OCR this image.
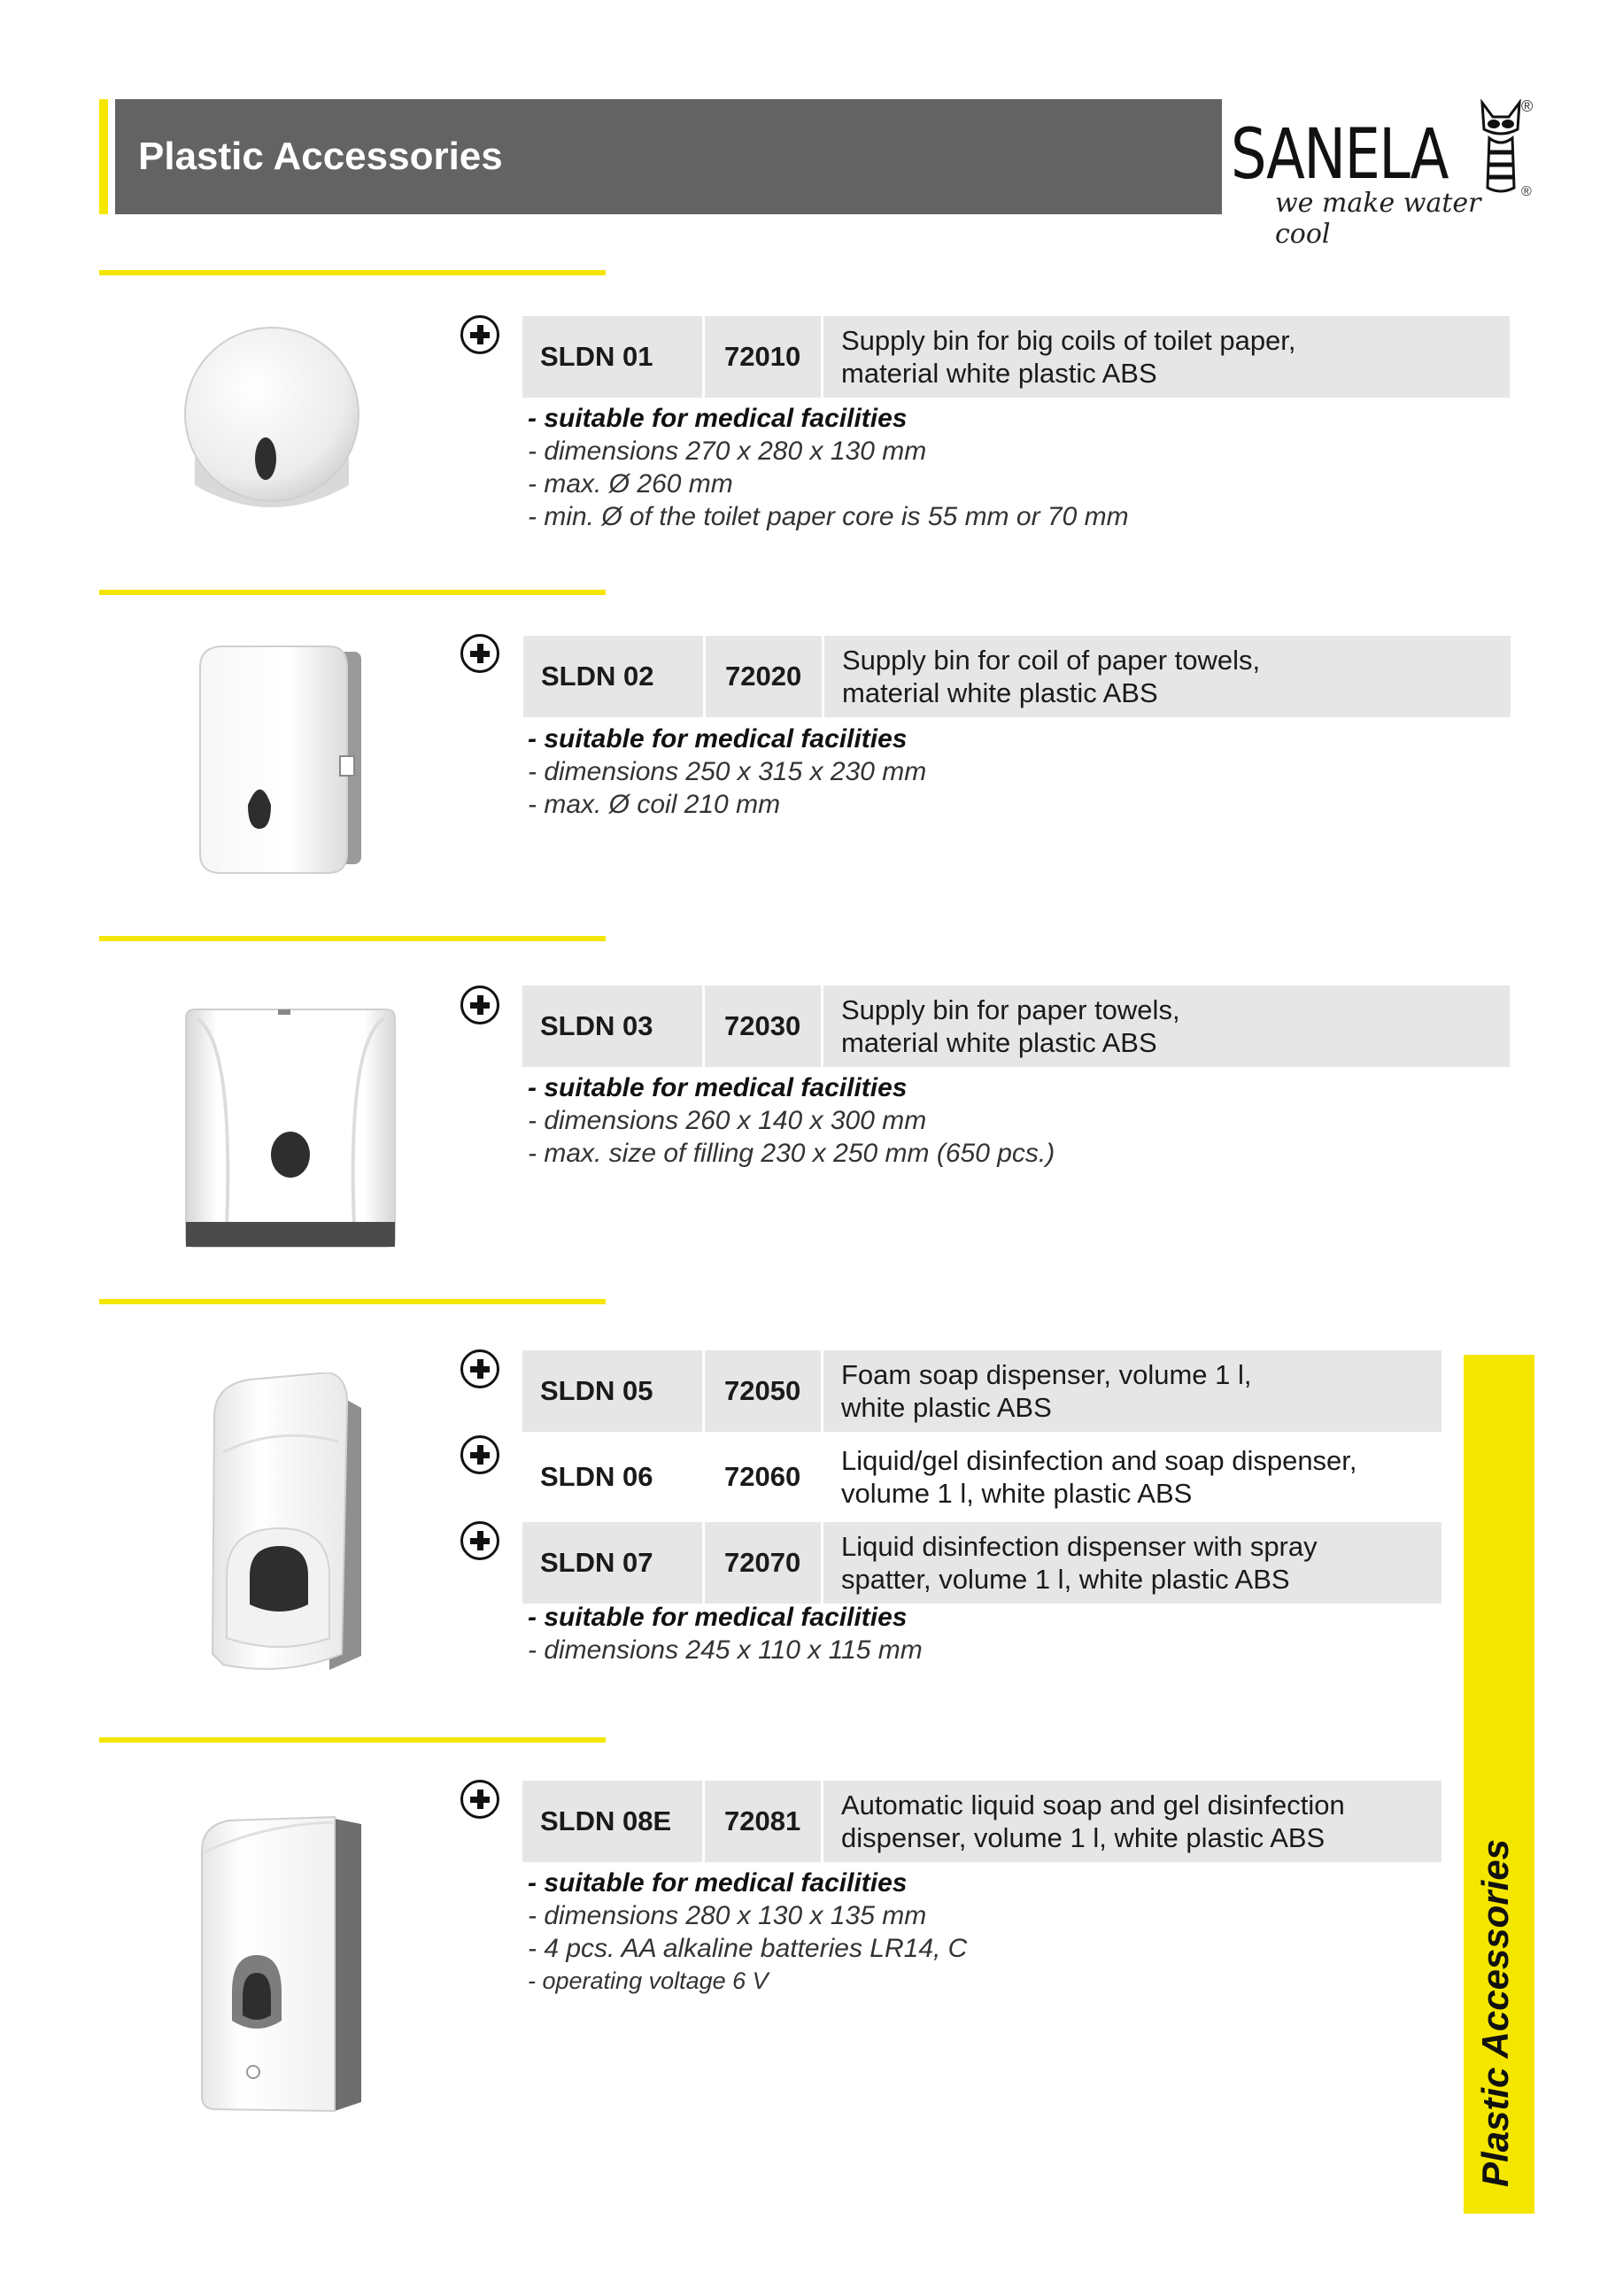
Plastic Accessories	SANELA
®
we make water cool
®
SLDN 01	72010
Supply bin for big coils of toilet paper,
material white plastic ABS
- suitable for medical facilities
- dimensions 270 x 280 x 130 mm
- max. Ø 260 mm
- min. Ø of the toilet paper core is 55 mm or 70 mm
SLDN 02	72020
Supply bin for coil of paper towels,
material white plastic ABS
- suitable for medical facilities
- dimensions 250 x 315 x 230 mm
- max. Ø coil 210 mm
SLDN 03	72030
Supply bin for paper towels,
material white plastic ABS
- suitable for medical facilities
- dimensions 260 x 140 x 300 mm
- max. size of filling 230 x 250 mm (650 pcs.)
SLDN 05	72050
Foam soap dispenser, volume 1 l,
white plastic ABS
SLDN 06	72060
Liquid/gel disinfection and soap dispenser,
volume 1 l, white plastic ABS
SLDN 07	72070
Liquid disinfection dispenser with spray
spatter, volume 1 l, white plastic ABS
- suitable for medical facilities
- dimensions 245 x 110 x 115 mm
SLDN 08E	72081
Automatic liquid soap and gel disinfection
dispenser, volume 1 l, white plastic ABS
- suitable for medical facilities
- dimensions 280 x 130 x 135 mm
- 4 pcs. AA alkaline batteries LR14, C
- operating voltage 6 V	Plastic Accessories
